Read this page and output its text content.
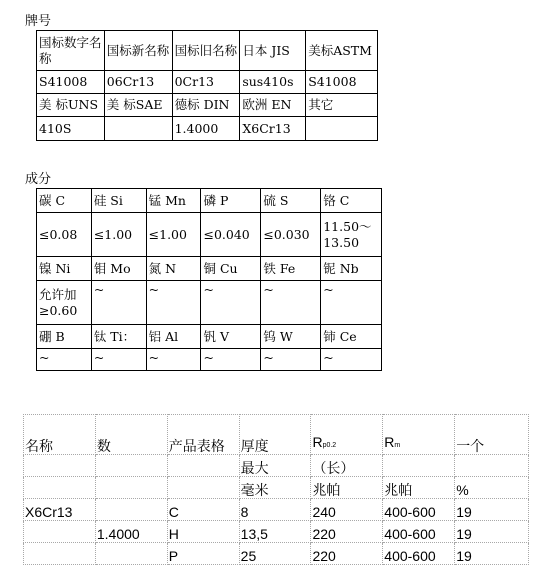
牌号
国标数字名称	国标新名称	国标旧名称	日本 JIS	美标ASTM
S41008	06Cr13	0Cr13	sus410s	S41008
美 标UNS	美 标SAE	德标 DIN	欧洲 EN	其它
410S		1.4000	X6Cr13	
成分
碳 C	硅 Si	锰 Mn	磷 P	硫 S	铬 C
≤0.08	≤1.00	≤1.00	≤0.040	≤0.030	11.50～13.50
镍 Ni	钼 Mo	氮 N	铜 Cu	铁 Fe	铌 Nb
允许加≥0.60	~	~	~	~	~
硼 B	钛 Ti：	铝 Al	钒 V	钨 W	铈 Ce
~	~	~	~	~	~
名称	数	产品表格	厚度	Rp0.2	Rm	一个
			最大	（长）		
			毫米	兆帕	兆帕	%
X6Cr13		C	8	240	400-600	19
	1.4000	H	13,5	220	400-600	19
		P	25	220	400-600	19
